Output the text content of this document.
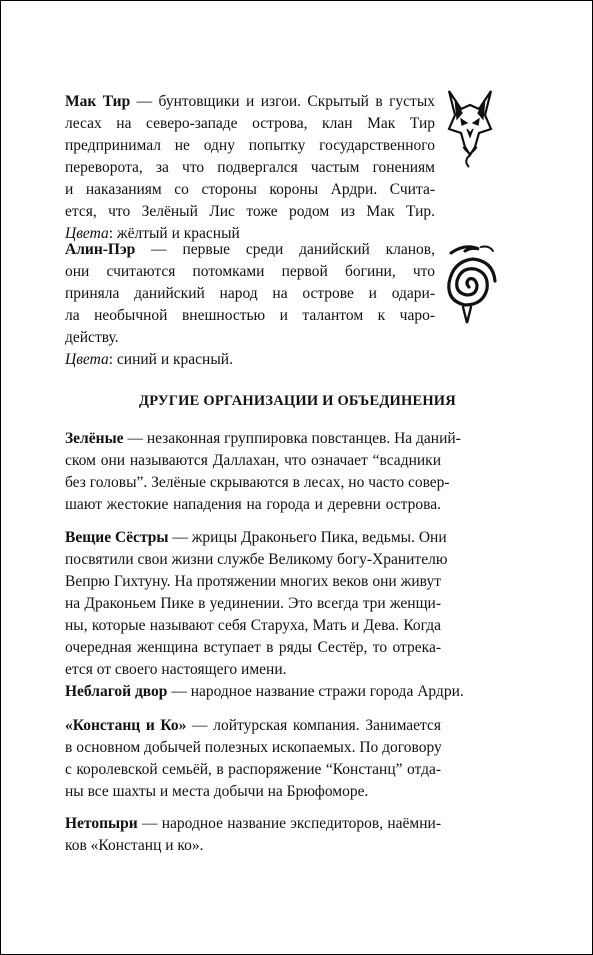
Мак Тир — бунтовщики и изгои. Скрытый в густых
лесах на северо-западе острова, клан Мак Тир
предпринимал не одну попытку государственного
переворота, за что подвергался частым гонениям
и наказаниям со стороны короны Ардри. Счита-
ется, что Зелёный Лис тоже родом из Мак Тир.
Цвета: жёлтый и красный

Алин-Пэр — первые среди данийский кланов,
они считаются потомками первой богини, что
приняла данийский народ на острове и одари-
ла необычной внешностью и талантом к чаро-
действу.
Цвета: синий и красный.

ДРУГИЕ ОРГАНИЗАЦИИ И ОБЪЕДИНЕНИЯ

Зелёные — незаконная группировка повстанцев. На даний-
ском они называются Даллахан, что означает “всадники
без головы”. Зелёные скрываются в лесах, но часто совер-
шают жестокие нападения на города и деревни острова.

Вещие Сёстры — жрицы Драконьего Пика, ведьмы. Они
посвятили свои жизни службе Великому богу-Хранителю
Вепрю Гихтуну. На протяжении многих веков они живут
на Драконьем Пике в уединении. Это всегда три женщи-
ны, которые называют себя Старуха, Мать и Дева. Когда
очередная женщина вступает в ряды Сестёр, то отрека-
ется от своего настоящего имени.

Неблагой двор — народное название стражи города Ардри.

«Констанц и Ко» — лойтурская компания. Занимается
в основном добычей полезных ископаемых. По договору
с королевской семьёй, в распоряжение “Констанц” отда-
ны все шахты и места добычи на Брюфоморе.

Нетопыри — народное название экспедиторов, наёмни-
ков «Констанц и ко».
